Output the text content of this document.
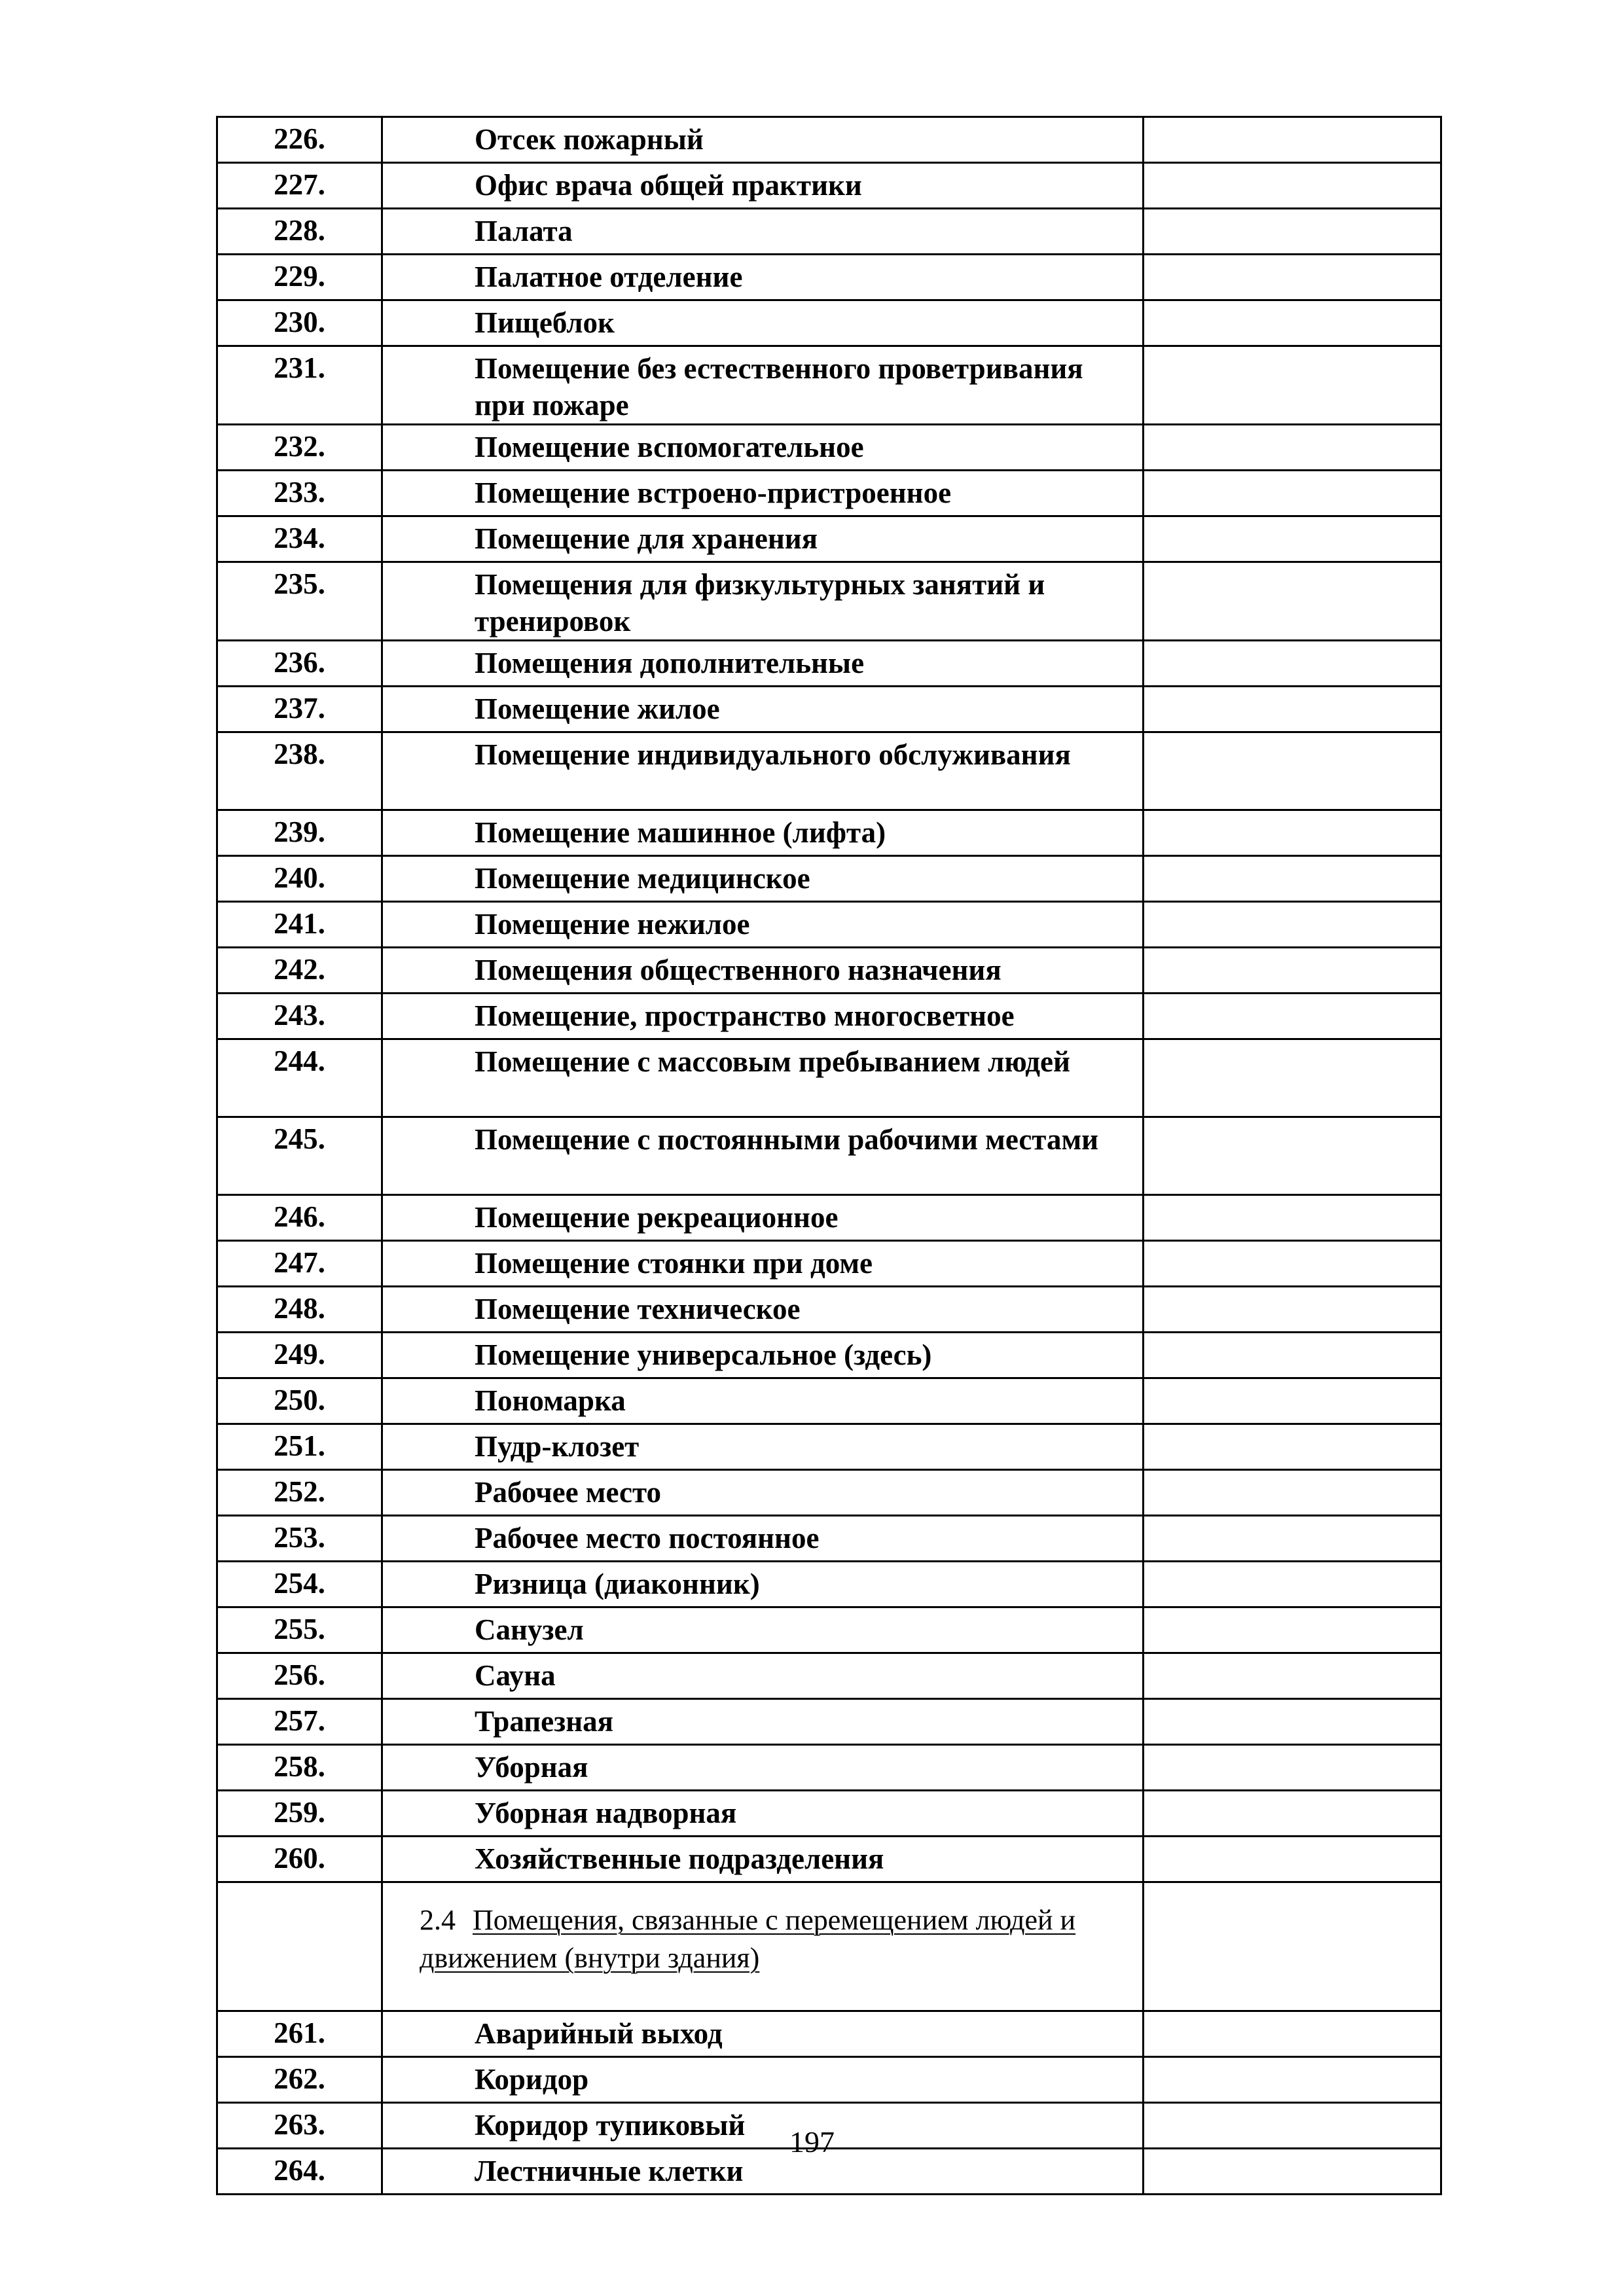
226.	Отсек пожарный	
227.	Офис врача общей практики	
228.	Палата	
229.	Палатное отделение	
230.	Пищеблок	
231.	Помещение без естественного проветривания при пожаре	
232.	Помещение вспомогательное	
233.	Помещение встроено-пристроенное	
234.	Помещение для хранения	
235.	Помещения для физкультурных занятий и тренировок	
236.	Помещения дополнительные	
237.	Помещение жилое	
238.	Помещение индивидуального обслуживания	
239.	Помещение машинное (лифта)	
240.	Помещение медицинское	
241.	Помещение нежилое	
242.	Помещения общественного назначения	
243.	Помещение, пространство многосветное	
244.	Помещение с массовым пребыванием людей	
245.	Помещение с постоянными рабочими местами	
246.	Помещение рекреационное	
247.	Помещение стоянки при доме	
248.	Помещение техническое	
249.	Помещение универсальное (здесь)	
250.	Пономарка	
251.	Пудр-клозет	
252.	Рабочее место	
253.	Рабочее место постоянное	
254.	Ризница (диаконник)	
255.	Санузел	
256.	Сауна	
257.	Трапезная	
258.	Уборная	
259.	Уборная надворная	
260.	Хозяйственные подразделения	
	2.4 Помещения, связанные с перемещением людей и движением (внутри здания)	
261.	Аварийный выход	
262.	Коридор	
263.	Коридор тупиковый	
264.	Лестничные клетки	
197
